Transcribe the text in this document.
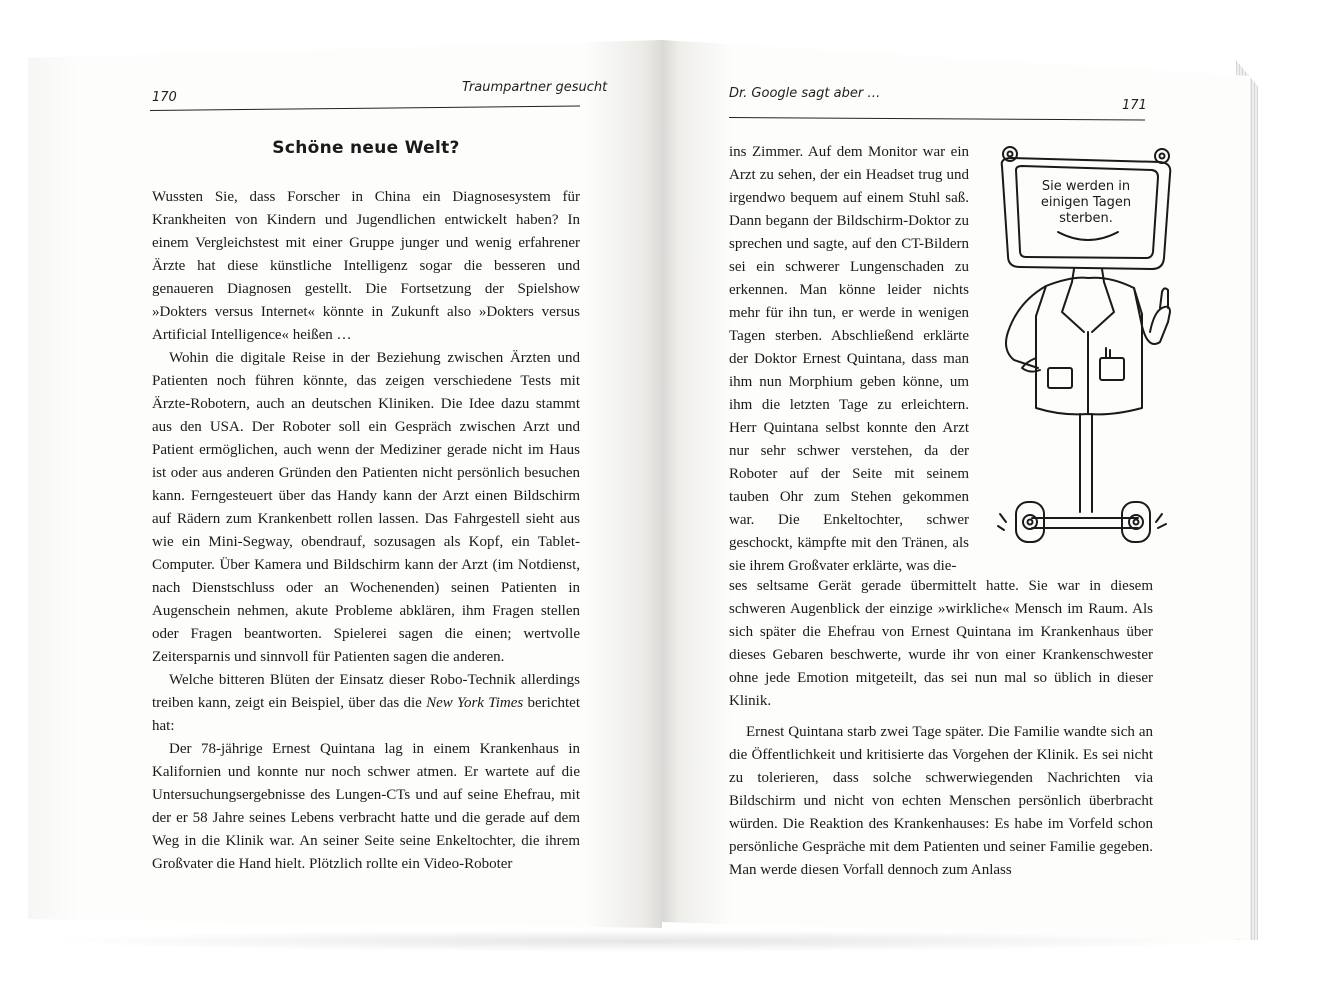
170
Traumpartner gesucht
Schöne neue Welt?

Wussten Sie, dass Forscher in China ein Diagnosesystem für Krankheiten von Kindern und Jugendlichen entwickelt haben? In einem Vergleichstest mit einer Gruppe junger und wenig erfahrener Ärzte hat diese künstliche Intelligenz sogar die besseren und genaueren Diagnosen gestellt. Die Fortsetzung der Spielshow »Dokters versus Internet« könnte in Zukunft also »Dokters versus Artificial Intelligence« heißen …

Wohin die digitale Reise in der Beziehung zwischen Ärzten und Patienten noch führen könnte, das zeigen verschiedene Tests mit Ärzte-Robotern, auch an deutschen Kliniken. Die Idee dazu stammt aus den USA. Der Roboter soll ein Gespräch zwischen Arzt und Patient ermöglichen, auch wenn der Mediziner gerade nicht im Haus ist oder aus anderen Gründen den Patienten nicht persönlich besuchen kann. Ferngesteuert über das Handy kann der Arzt einen Bildschirm auf Rädern zum Krankenbett rollen lassen. Das Fahrgestell sieht aus wie ein Mini-Segway, obendrauf, sozusagen als Kopf, ein Tablet-Computer. Über Kamera und Bildschirm kann der Arzt (im Notdienst, nach Dienstschluss oder an Wochenenden) seinen Patienten in Augenschein nehmen, akute Probleme abklären, ihm Fragen stellen oder Fragen beantworten. Spielerei sagen die einen; wertvolle Zeitersparnis und sinnvoll für Patienten sagen die anderen.

Welche bitteren Blüten der Einsatz dieser Robo-Technik allerdings treiben kann, zeigt ein Beispiel, über das die New York Times berichtet hat:

Der 78-jährige Ernest Quintana lag in einem Krankenhaus in Kalifornien und konnte nur noch schwer atmen. Er wartete auf die Untersuchungsergebnisse des Lungen-CTs und auf seine Ehefrau, mit der er 58 Jahre seines Lebens verbracht hatte und die gerade auf dem Weg in die Klinik war. An seiner Seite seine Enkeltochter, die ihrem Großvater die Hand hielt. Plötzlich rollte ein Video-Roboter

Dr. Google sagt aber …
171

ins Zimmer. Auf dem Monitor war ein Arzt zu sehen, der ein Headset trug und irgendwo bequem auf einem Stuhl saß. Dann begann der Bildschirm-Doktor zu sprechen und sagte, auf den CT-Bildern sei ein schwerer Lungenschaden zu erkennen. Man könne leider nichts mehr für ihn tun, er werde in wenigen Tagen sterben. Abschließend erklärte der Doktor Ernest Quintana, dass man ihm nun Morphium geben könne, um ihm die letzten Tage zu erleichtern. Herr Quintana selbst konnte den Arzt nur sehr schwer verstehen, da der Roboter auf der Seite mit seinem tauben Ohr zum Stehen gekommen war. Die Enkeltochter, schwer geschockt, kämpfte mit den Tränen, als sie ihrem Großvater erklärte, was die-

ses seltsame Gerät gerade übermittelt hatte. Sie war in diesem schweren Augenblick der einzige »wirkliche« Mensch im Raum. Als sich später die Ehefrau von Ernest Quintana im Krankenhaus über dieses Gebaren beschwerte, wurde ihr von einer Krankenschwester ohne jede Emotion mitgeteilt, das sei nun mal so üblich in dieser Klinik.

Ernest Quintana starb zwei Tage später. Die Familie wandte sich an die Öffentlichkeit und kritisierte das Vorgehen der Klinik. Es sei nicht zu tolerieren, dass solche schwerwiegenden Nachrichten via Bildschirm und nicht von echten Menschen persönlich überbracht würden. Die Reaktion des Krankenhauses: Es habe im Vorfeld schon persönliche Gespräche mit dem Patienten und seiner Familie gegeben. Man werde diesen Vorfall dennoch zum Anlass

Sie werden in
einigen Tagen
sterben.
